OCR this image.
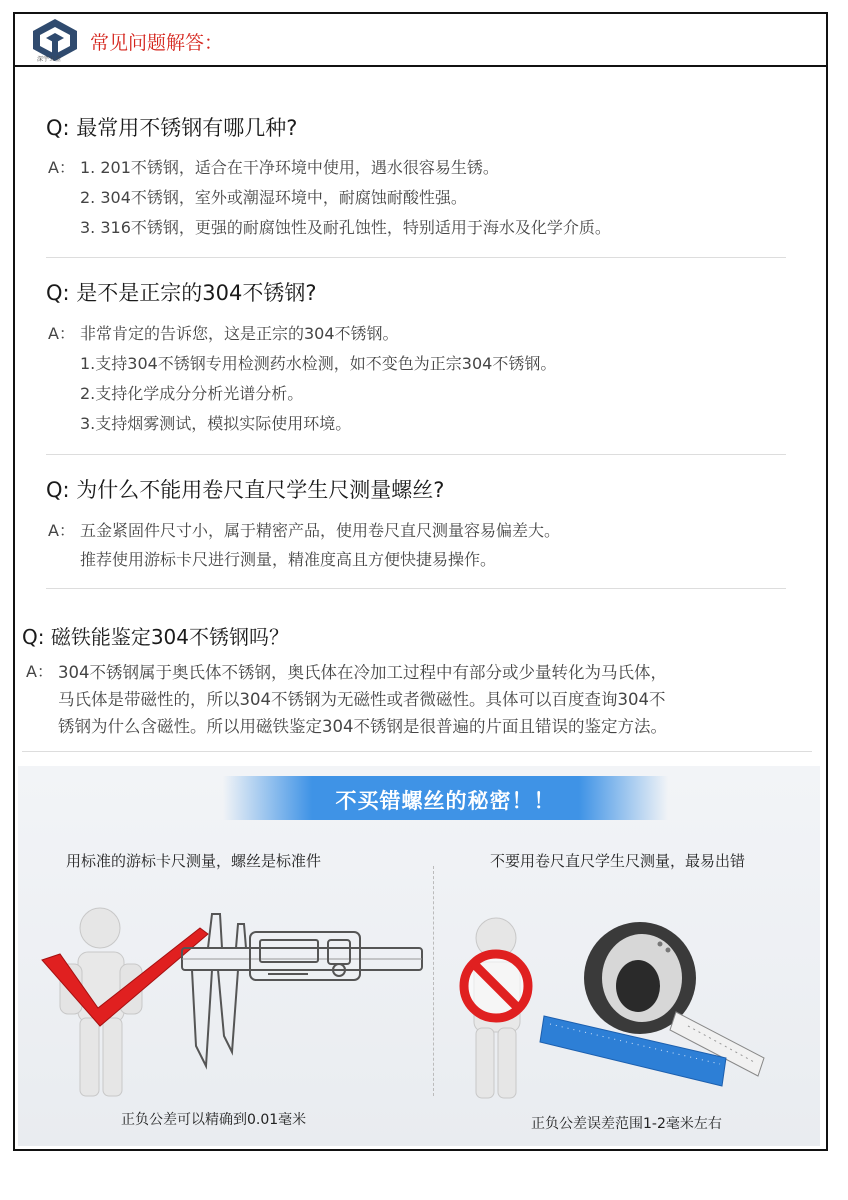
深宇五金
常见问题解答：
Q: 最常用不锈钢有哪几种?
A： 1. 201不锈钢，适合在干净环境中使用，遇水很容易生锈。
2. 304不锈钢，室外或潮湿环境中，耐腐蚀耐酸性强。
3. 316不锈钢，更强的耐腐蚀性及耐孔蚀性，特别适用于海水及化学介质。
Q: 是不是正宗的304不锈钢?
A： 非常肯定的告诉您，这是正宗的304不锈钢。
1.支持304不锈钢专用检测药水检测，如不变色为正宗304不锈钢。
2.支持化学成分分析光谱分析。
3.支持烟雾测试，模拟实际使用环境。
Q: 为什么不能用卷尺直尺学生尺测量螺丝?
A： 五金紧固件尺寸小，属于精密产品，使用卷尺直尺测量容易偏差大。
推荐使用游标卡尺进行测量，精准度高且方便快捷易操作。
Q: 磁铁能鉴定304不锈钢吗？
A： 304不锈钢属于奥氏体不锈钢，奥氏体在冷加工过程中有部分或少量转化为马氏体，
马氏体是带磁性的，所以304不锈钢为无磁性或者微磁性。具体可以百度查询304不
锈钢为什么含磁性。所以用磁铁鉴定304不锈钢是很普遍的片面且错误的鉴定方法。
不买错螺丝的秘密！！
用标准的游标卡尺测量，螺丝是标准件	不要用卷尺直尺学生尺测量，最易出错
正负公差可以精确到0.01毫米	正负公差误差范围1-2毫米左右
